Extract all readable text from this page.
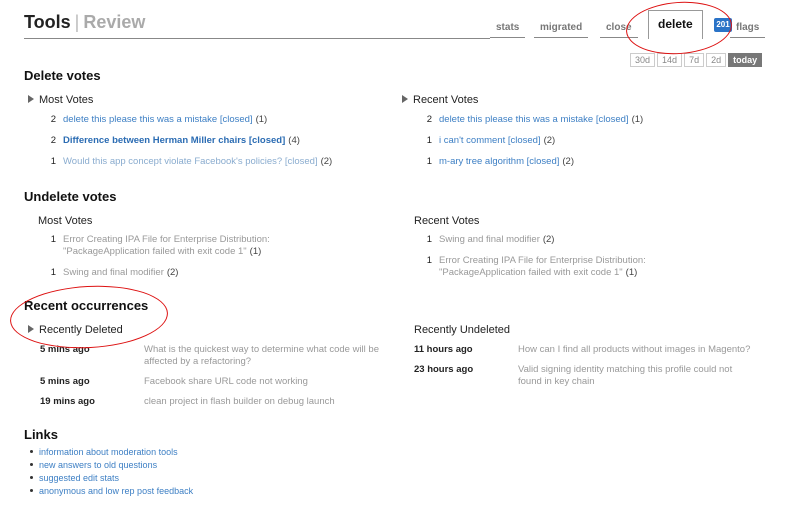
Tools | Review	stats	migrated	close	delete	201 flags
30d 14d 7d 2d today
Delete votes
Most Votes
2 delete this please this was a mistake [closed] (1)
2 Difference between Herman Miller chairs [closed] (4)
1 Would this app concept violate Facebook's policies? [closed] (2)
Recent Votes
2 delete this please this was a mistake [closed] (1)
1 i can't comment [closed] (2)
1 m-ary tree algorithm [closed] (2)
Undelete votes
Most Votes
1 Error Creating IPA File for Enterprise Distribution: "PackageApplication failed with exit code 1" (1)
1 Swing and final modifier (2)
Recent Votes
1 Swing and final modifier (2)
1 Error Creating IPA File for Enterprise Distribution: "PackageApplication failed with exit code 1" (1)
Recent occurrences
Recently Deleted
5 mins ago	What is the quickest way to determine what code will be affected by a refactoring?
5 mins ago	Facebook share URL code not working
19 mins ago	clean project in flash builder on debug launch
Recently Undeleted
11 hours ago	How can I find all products without images in Magento?
23 hours ago	Valid signing identity matching this profile could not found in key chain
Links
information about moderation tools
new answers to old questions
suggested edit stats
anonymous and low rep post feedback
